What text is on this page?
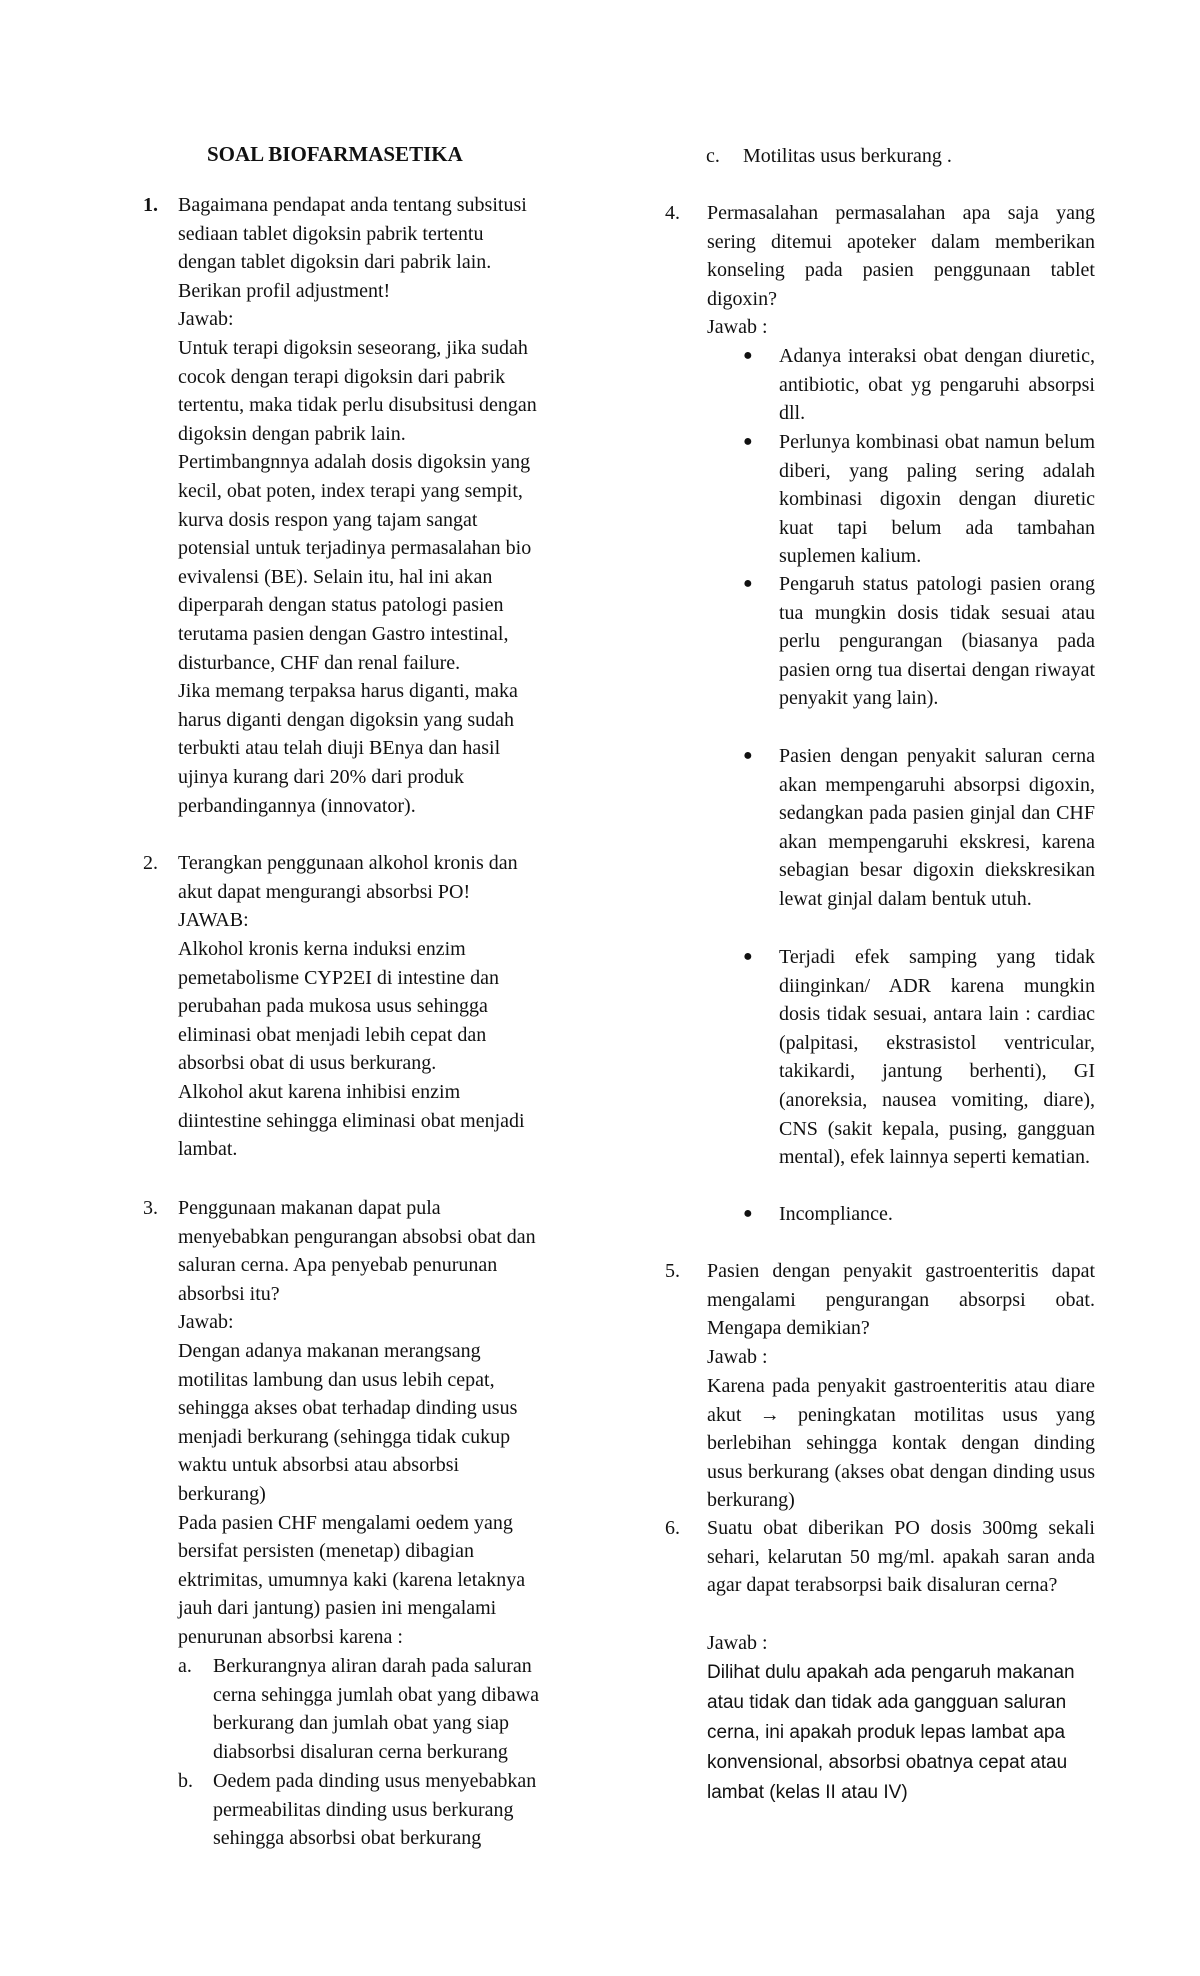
SOAL BIOFARMASETIKA
1. Bagaimana pendapat anda tentang subsitusi
sediaan tablet digoksin pabrik tertentu
dengan tablet digoksin dari pabrik lain.
Berikan profil adjustment!
Jawab:
Untuk terapi digoksin seseorang, jika sudah
cocok dengan terapi digoksin dari pabrik
tertentu, maka tidak perlu disubsitusi dengan
digoksin dengan pabrik lain.
Pertimbangnnya adalah dosis digoksin yang
kecil, obat poten, index terapi yang sempit,
kurva dosis respon yang tajam sangat
potensial untuk terjadinya permasalahan bio
evivalensi (BE). Selain itu, hal ini akan
diperparah dengan status patologi pasien
terutama pasien dengan Gastro intestinal,
disturbance, CHF dan renal failure.
Jika memang terpaksa harus diganti, maka
harus diganti dengan digoksin yang sudah
terbukti atau telah diuji BEnya dan hasil
ujinya kurang dari 20% dari produk
perbandingannya (innovator).
2. Terangkan penggunaan alkohol kronis dan
akut dapat mengurangi absorbsi PO!
JAWAB:
Alkohol kronis kerna induksi enzim
pemetabolisme CYP2EI di intestine dan
perubahan pada mukosa usus sehingga
eliminasi obat menjadi lebih cepat dan
absorbsi obat di usus berkurang.
Alkohol akut karena inhibisi enzim
diintestine sehingga eliminasi obat menjadi
lambat.
3. Penggunaan makanan dapat pula
menyebabkan pengurangan absobsi obat dan
saluran cerna. Apa penyebab penurunan
absorbsi itu?
Jawab:
Dengan adanya makanan merangsang
motilitas lambung dan usus lebih cepat,
sehingga akses obat terhadap dinding usus
menjadi berkurang (sehingga tidak cukup
waktu untuk absorbsi atau absorbsi
berkurang)
Pada pasien CHF mengalami oedem yang
bersifat persisten (menetap) dibagian
ektrimitas, umumnya kaki (karena letaknya
jauh dari jantung) pasien ini mengalami
penurunan absorbsi karena :
a. Berkurangnya aliran darah pada saluran
cerna sehingga jumlah obat yang dibawa
berkurang dan jumlah obat yang siap
diabsorbsi disaluran cerna berkurang
b. Oedem pada dinding usus menyebabkan
permeabilitas dinding usus berkurang
sehingga absorbsi obat berkurang
c. Motilitas usus berkurang .
4. Permasalahan permasalahan apa saja yang sering ditemui apoteker dalam memberikan konseling pada pasien penggunaan tablet digoxin?
Jawab :
● Adanya interaksi obat dengan diuretic, antibiotic, obat yg pengaruhi absorpsi dll.
● Perlunya kombinasi obat namun belum diberi, yang paling sering adalah kombinasi digoxin dengan diuretic kuat tapi belum ada tambahan suplemen kalium.
● Pengaruh status patologi pasien orang tua mungkin dosis tidak sesuai atau perlu pengurangan (biasanya pada pasien orng tua disertai dengan riwayat penyakit yang lain).
● Pasien dengan penyakit saluran cerna akan mempengaruhi absorpsi digoxin, sedangkan pada pasien ginjal dan CHF akan mempengaruhi ekskresi, karena sebagian besar digoxin diekskresikan lewat ginjal dalam bentuk utuh.
● Terjadi efek samping yang tidak diinginkan/ ADR karena mungkin dosis tidak sesuai, antara lain : cardiac (palpitasi, ekstrasistol ventricular, takikardi, jantung berhenti), GI (anoreksia, nausea vomiting, diare), CNS (sakit kepala, pusing, gangguan mental), efek lainnya seperti kematian.
● Incompliance.
5. Pasien dengan penyakit gastroenteritis dapat mengalami pengurangan absorpsi obat. Mengapa demikian?
Jawab :
Karena pada penyakit gastroenteritis atau diare akut → peningkatan motilitas usus yang berlebihan sehingga kontak dengan dinding usus berkurang (akses obat dengan dinding usus berkurang)
6. Suatu obat diberikan PO dosis 300mg sekali sehari, kelarutan 50 mg/ml. apakah saran anda agar dapat terabsorpsi baik disaluran cerna?
Jawab :
Dilihat dulu apakah ada pengaruh makanan atau tidak dan tidak ada gangguan saluran cerna, ini apakah produk lepas lambat apa konvensional, absorbsi obatnya cepat atau lambat (kelas II atau IV)
